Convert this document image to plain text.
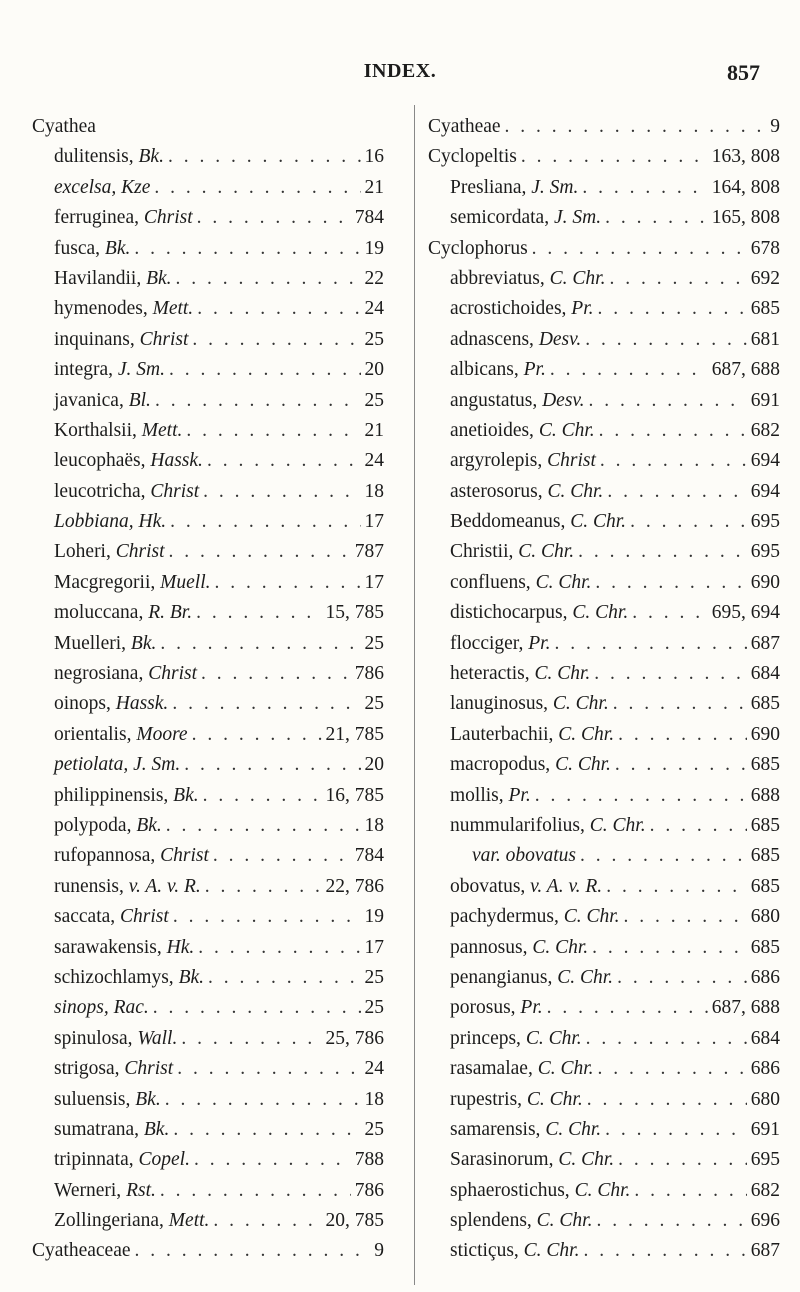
INDEX.	857
Cyathea
dulitensis, Bk. . . .	16
excelsa, Kze . . .	21
ferruginea, Christ . . .	784
fusca, Bk. . . .	19
Havilandii, Bk. . . .	22
hymenodes, Mett. . . .	24
inquinans, Christ . . .	25
integra, J. Sm. . . .	20
javanica, Bl. . . .	25
Korthalsii, Mett. . . .	21
leucophaës, Hassk. . . .	24
leucotricha, Christ . . .	18
Lobbiana, Hk. . . .	17
Loheri, Christ . . .	787
Macgregorii, Muell. . . .	17
moluccana, R. Br. . . .	15, 785
Muelleri, Bk. . . .	25
negrosiana, Christ . . .	786
oinops, Hassk. . . .	25
orientalis, Moore . . .	21, 785
petiolata, J. Sm. . . .	20
philippinensis, Bk. . . .	16, 785
polypoda, Bk. . . .	18
rufopannosa, Christ . . .	784
runensis, v. A. v. R. . . .	22, 786
saccata, Christ . . .	19
sarawakensis, Hk. . . .	17
schizochlamys, Bk. . . .	25
sinops, Rac. . . .	25
spinulosa, Wall. . . .	25, 786
strigosa, Christ . . .	24
suluensis, Bk. . . .	18
sumatrana, Bk. . . .	25
tripinnata, Copel. . . .	788
Werneri, Rst. . . .	786
Zollingeriana, Mett. . . .	20, 785
Cyatheaceae . . .	9
Cyatheae . . .	9
Cyclopeltis . . .	163, 808
Presliana, J. Sm. . . .	164, 808
semicordata, J. Sm. . . .	165, 808
Cyclophorus . . .	678
abbreviatus, C. Chr. . . .	692
acrostichoides, Pr. . . .	685
adnascens, Desv. . . .	681
albicans, Pr. . . .	687, 688
angustatus, Desv. . . .	691
anetioides, C. Chr. . . .	682
argyrolepis, Christ . . .	694
asterosorus, C. Chr. . . .	694
Beddomeanus, C. Chr. . . .	695
Christii, C. Chr. . . .	695
confluens, C. Chr. . . .	690
distichocarpus, C. Chr. . . .	695, 694
flocciger, Pr. . . .	687
heteractis, C. Chr. . . .	684
lanuginosus, C. Chr. . . .	685
Lauterbachii, C. Chr. . . .	690
macropodus, C. Chr. . . .	685
mollis, Pr. . . .	688
nummularifolius, C. Chr. . . .	685
var. obovatus . . .	685
obovatus, v. A. v. R. . . .	685
pachydermus, C. Chr. . . .	680
pannosus, C. Chr. . . .	685
penangianus, C. Chr. . . .	686
porosus, Pr. . . .	687, 688
princeps, C. Chr. . . .	684
rasamalae, C. Chr. . . .	686
rupestris, C. Chr. . . .	680
samarensis, C. Chr. . . .	691
Sarasinorum, C. Chr. . . .	695
sphaerostichus, C. Chr. . . .	682
splendens, C. Chr. . . .	696
stictiçus, C. Chr. . . .	687
